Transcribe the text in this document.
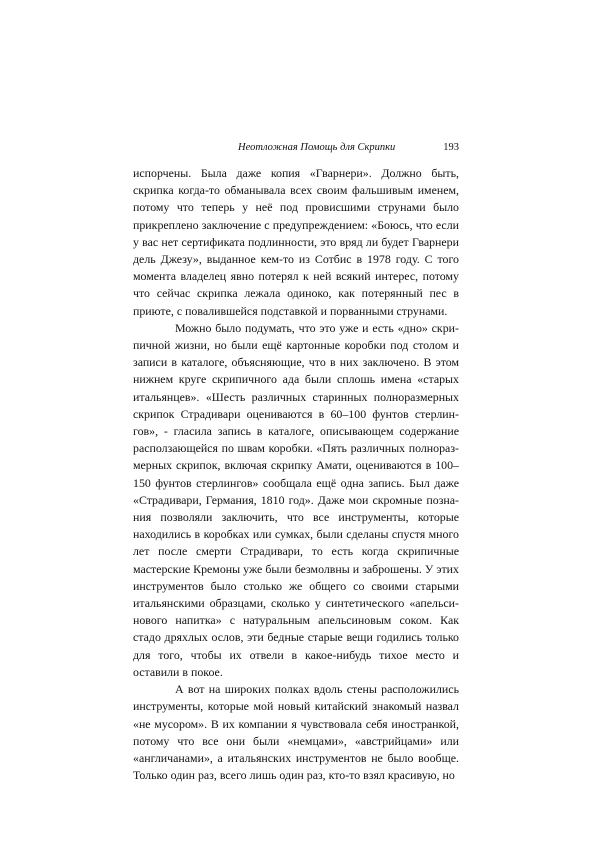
Неотложная Помощь для Скрипки	193

испорчены. Была даже копия «Гварнери». Должно быть, скрипка когда-то обманывала всех своим фальшивым именем, потому что теперь у неё под провисшими струнами было прикреплено заключение с предупреждением: «Боюсь, что если у вас нет сертификата подлинности, это вряд ли будет Гварнери дель Джезу», выданное кем-то из Сотбис в 1978 году. С того момента владелец явно потерял к ней всякий интерес, потому что сейчас скрипка лежала одиноко, как потерянный пес в приюте, с повалившейся подставкой и порванными струнами.

Можно было подумать, что это уже и есть «дно» скрипичной жизни, но были ещё картонные коробки под столом и записи в каталоге, объясняющие, что в них заключено. В этом нижнем круге скрипичного ада были сплошь имена «старых итальянцев». «Шесть различных старинных полноразмерных скрипок Страдивари оцениваются в 60–100 фунтов стерлингов», - гласила запись в каталоге, описывающем содержание расползающейся по швам коробки. «Пять различных полноразмерных скрипок, включая скрипку Амати, оцениваются в 100–150 фунтов стерлингов» сообщала ещё одна запись. Был даже «Страдивари, Германия, 1810 год». Даже мои скромные познания позволяли заключить, что все инструменты, которые находились в коробках или сумках, были сделаны спустя много лет после смерти Страдивари, то есть когда скрипичные мастерские Кремоны уже были безмолвны и заброшены. У этих инструментов было столько же общего со своими старыми итальянскими образцами, сколько у синтетического «апельсинового напитка» с натуральным апельсиновым соком. Как стадо дряхлых ослов, эти бедные старые вещи годились только для того, чтобы их отвели в какое-нибудь тихое место и оставили в покое.

А вот на широких полках вдоль стены расположились инструменты, которые мой новый китайский знакомый назвал «не мусором». В их компании я чувствовала себя иностранкой, потому что все они были «немцами», «австрийцами» или «англичанами», а итальянских инструментов не было вообще. Только один раз, всего лишь один раз, кто-то взял красивую, но
